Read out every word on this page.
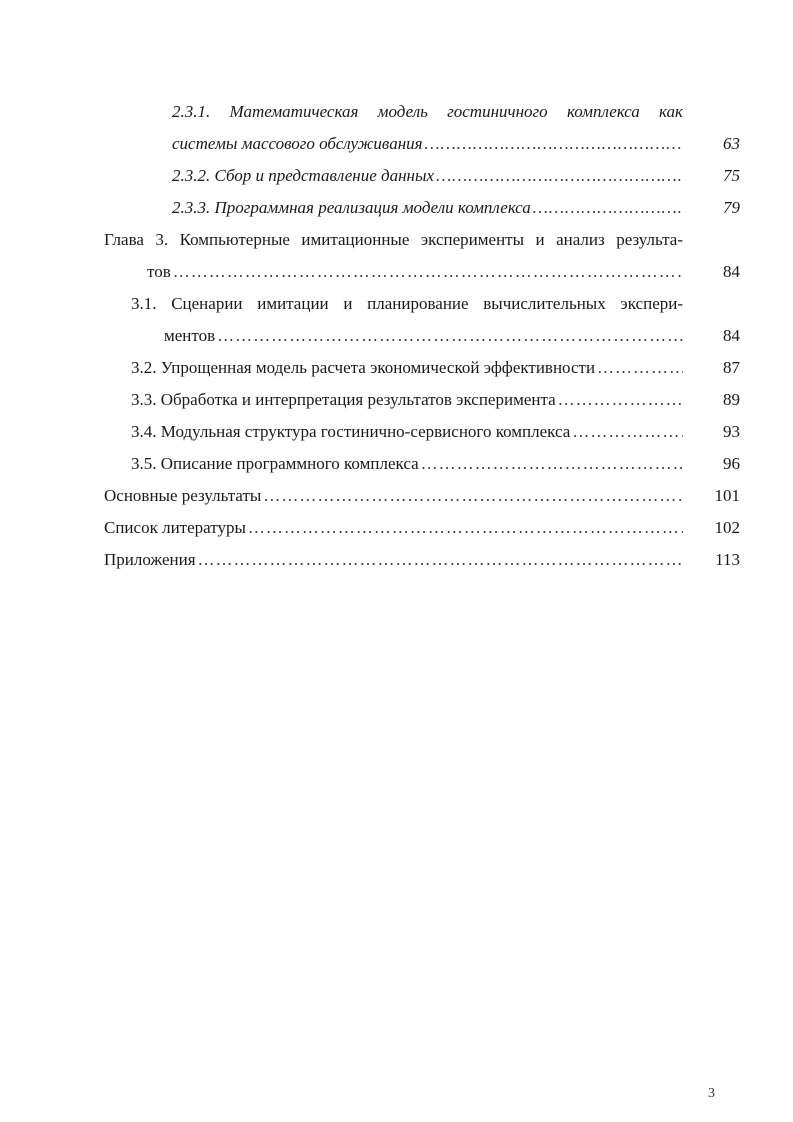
2.3.1. Математическая модель гостиничного комплекса как
системы массового обслуживания ……………………………………………………………………………………………………………………………………………………………………	63
2.3.2. Сбор и представление данных ……………………………………………………………………………………………………………………………………………………………………	75
2.3.3. Программная реализация модели комплекса ……………………………………………………………………………………………………………………………………………………………………	79
Глава 3. Компьютерные имитационные эксперименты и анализ результа-
тов ……………………………………………………………………………………………………………………………………………………………………	84
3.1. Сценарии имитации и планирование вычислительных экспери-
ментов ……………………………………………………………………………………………………………………………………………………………………	84
3.2. Упрощенная модель расчета экономической эффективности ……………………………………………………………………………………………………………………………………………………………………	87
3.3. Обработка и интерпретация результатов эксперимента ……………………………………………………………………………………………………………………………………………………………………	89
3.4. Модульная структура гостинично-сервисного комплекса ……………………………………………………………………………………………………………………………………………………………………	93
3.5. Описание программного комплекса ……………………………………………………………………………………………………………………………………………………………………	96
Основные результаты ……………………………………………………………………………………………………………………………………………………………………	101
Список литературы ……………………………………………………………………………………………………………………………………………………………………	102
Приложения ……………………………………………………………………………………………………………………………………………………………………	113
3
